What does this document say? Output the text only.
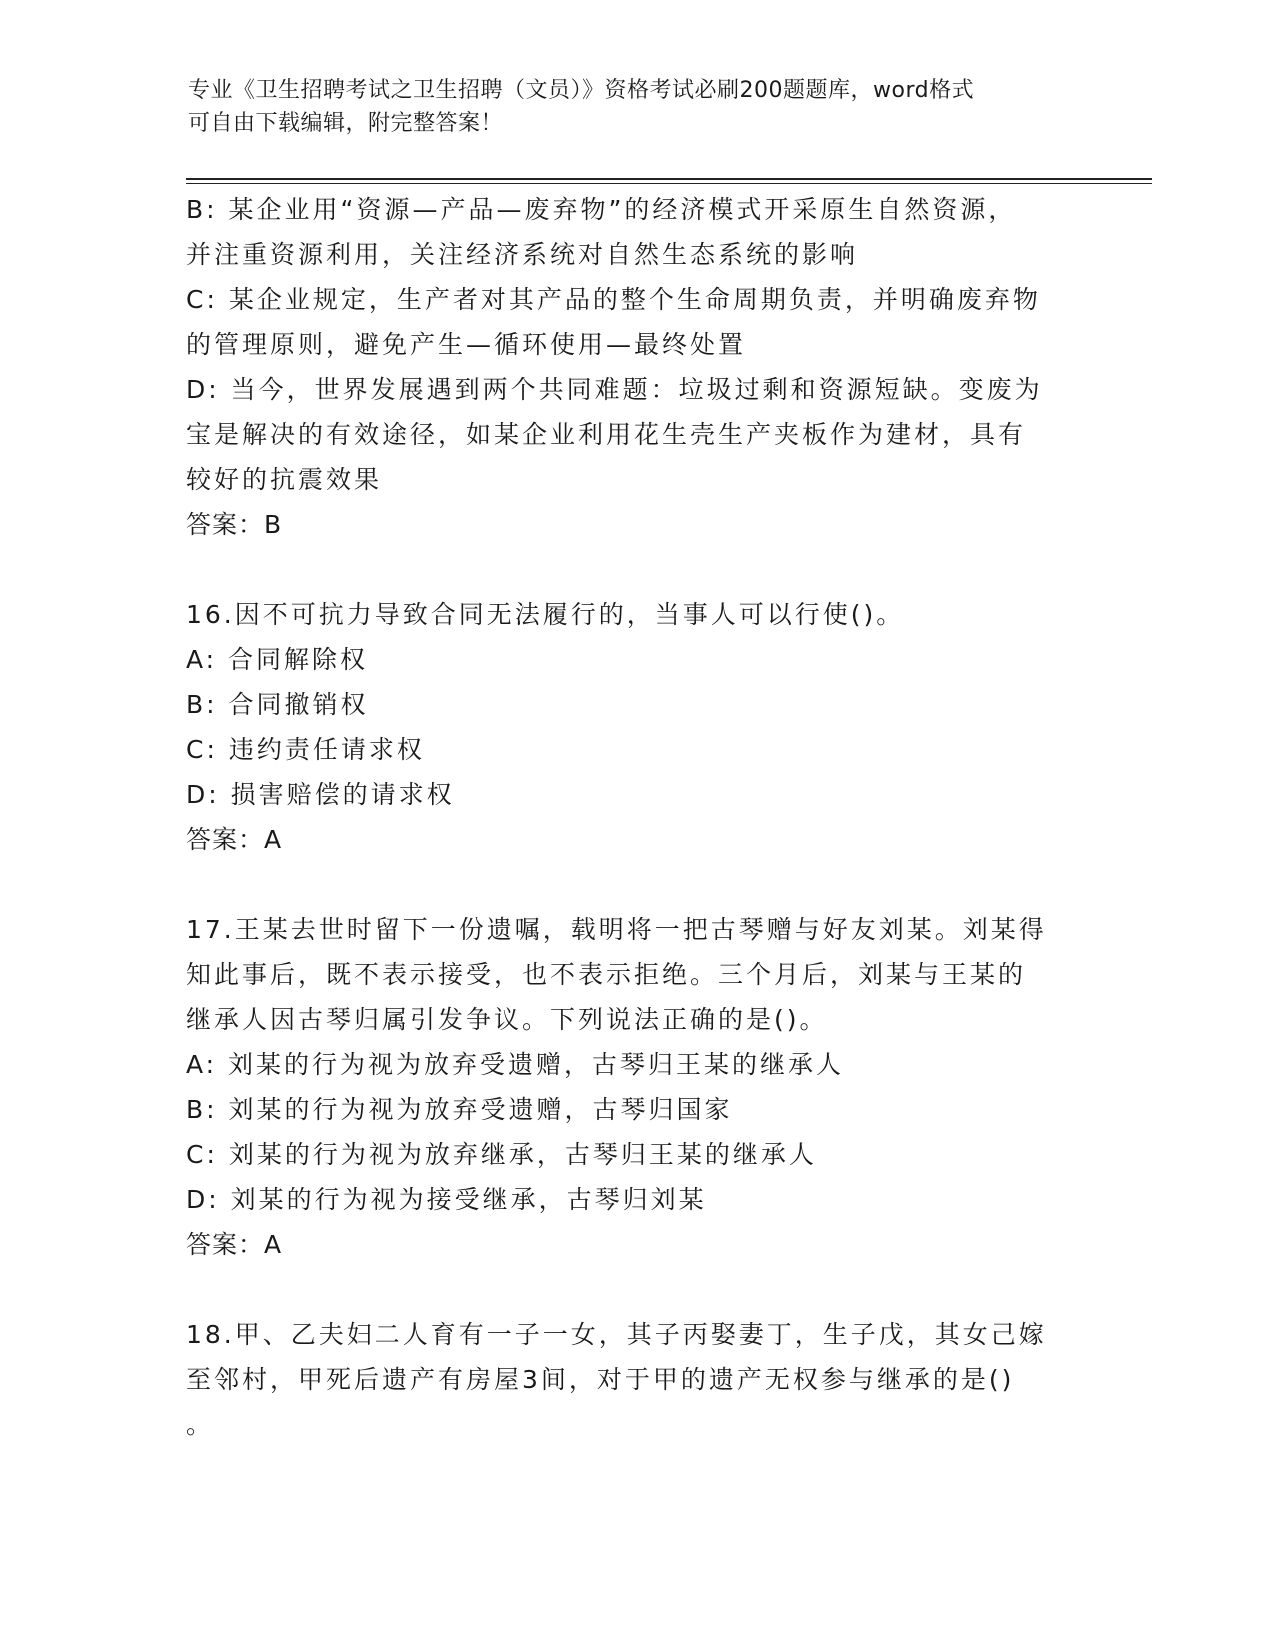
专业《卫生招聘考试之卫生招聘（文员）》资格考试必刷200题题库，word格式
可自由下载编辑，附完整答案！
B: 某企业用“资源—产品—废弃物”的经济模式开采原生自然资源，
并注重资源利用，关注经济系统对自然生态系统的影响
C: 某企业规定，生产者对其产品的整个生命周期负责，并明确废弃物
的管理原则，避免产生—循环使用—最终处置
D: 当今，世界发展遇到两个共同难题：垃圾过剩和资源短缺。变废为
宝是解决的有效途径，如某企业利用花生壳生产夹板作为建材，具有
较好的抗震效果
答案：B
16.因不可抗力导致合同无法履行的，当事人可以行使()。
A: 合同解除权
B: 合同撤销权
C: 违约责任请求权
D: 损害赔偿的请求权
答案：A
17.王某去世时留下一份遗嘱，载明将一把古琴赠与好友刘某。刘某得
知此事后，既不表示接受，也不表示拒绝。三个月后，刘某与王某的
继承人因古琴归属引发争议。下列说法正确的是()。
A: 刘某的行为视为放弃受遗赠，古琴归王某的继承人
B: 刘某的行为视为放弃受遗赠，古琴归国家
C: 刘某的行为视为放弃继承，古琴归王某的继承人
D: 刘某的行为视为接受继承，古琴归刘某
答案：A
18.甲、乙夫妇二人育有一子一女，其子丙娶妻丁，生子戊，其女己嫁
至邻村，甲死后遗产有房屋3间，对于甲的遗产无权参与继承的是()
。
